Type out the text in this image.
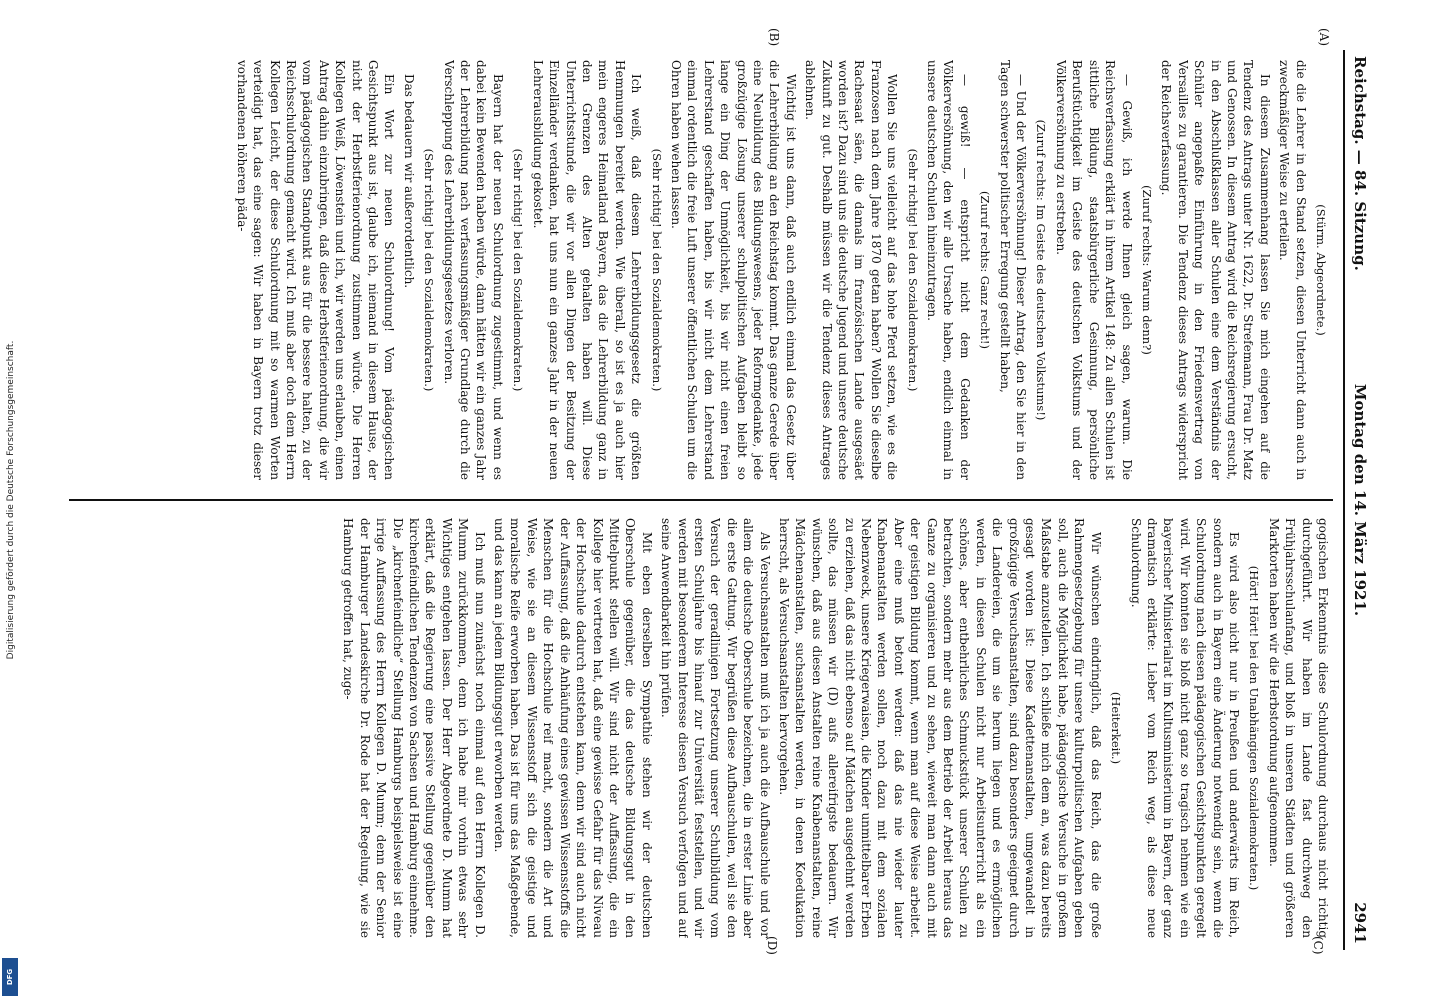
Digitalisierung gefördert durch die Deutsche Forschungsgemeinschaft.
DFG
Reichstag. — 84. Sitzung.
Montag den 14. März 1921.
2941
(A)
(B)
(C)
(D)

(Stürm. Abgeordnete.)

die die Lehrer in den Stand setzen, diesen Unterricht dann auch in zweckmäßiger Weise zu erteilen.

In diesem Zusammenhang lassen Sie mich eingehen auf die Tendenz des Antrags unter Nr. 1622, Dr. Strefemann, Frau Dr. Matz und Genossen. In diesem Antrag wird die Reichsregierung ersucht, in den Abschlußklassen aller Schulen eine dem Verständnis der Schüler angepaßte Einführung in den Friedensvertrag von Versailles zu garantieren. Die Tendenz dieses Antrags widerspricht der Reichsverfassung.

(Zuruf rechts: Warum denn?)

— Gewiß, ich werde Ihnen gleich sagen, warum. Die Reichsverfassung erklärt in ihrem Artikel 148: Zu allen Schulen ist sittliche Bildung, staatsbürgerliche Gesinnung, persönliche Berufstüchtigkeit im Geiste des deutschen Volkstums und der Völkerversöhnung zu erstreben.

(Zuruf rechts: Im Geiste des deutschen Volkstums!)

— Und der Völkerversöhnung! Dieser Antrag, den Sie hier in den Tagen schwerster politischer Erregung gestellt haben,

(Zuruf rechts: Ganz recht!)

— gewiß! — entspricht nicht dem Gedanken der Völkerversöhnung, den wir alle Ursache haben, endlich einmal in unsere deutschen Schulen hineinzutragen.

(Sehr richtig! bei den Sozialdemokraten.)

Wollen Sie uns vielleicht auf das hohe Pferd setzen, wie es die Franzosen nach dem Jahre 1870 getan haben? Wollen Sie dieselbe Rachesaat säen, die damals im französischen Lande ausgesäet worden ist? Dazu sind uns die deutsche Jugend und unsere deutsche Zukunft zu gut. Deshalb müssen wir die Tendenz dieses Antrages ablehnen.

Wichtig ist uns dann, daß auch endlich einmal das Gesetz über die Lehrerbildung an den Reichstag kommt. Das ganze Gerede über eine Neubildung des Bildungswesens, jeder Reformgedanke, jede großzügige Lösung unserer schulpolitischen Aufgaben bleibt so lange ein Ding der Unmöglichkeit, bis wir nicht einen freien Lehrerstand geschaffen haben, bis wir nicht dem Lehrerstand einmal ordentlich die freie Luft unserer öffentlichen Schulen um die Ohren haben wehen lassen.

(Sehr richtig! bei den Sozialdemokraten.)

Ich weiß, daß diesem Lehrerbildungsgesetz die größten Hemmungen bereitet werden. Wie überall, so ist es ja auch hier mein engeres Heimatland Bayern, das die Lehrerbildung ganz in den Grenzen des Alten gehalten haben will. Diese Unterrichtsstunde, die wir vor allen Dingen der Besitzung der Einzelländer verdanken, hat uns nun ein ganzes Jahr in der neuen Lehrerausbildung gekostet.

(Sehr richtig! bei den Sozialdemokraten.)

Bayern hat der neuen Schulordnung zugestimmt, und wenn es dabei kein Bewenden haben würde, dann hätten wir ein ganzes Jahr der Lehrerbildung nach verfassungsmäßiger Grundlage durch die Verschleppung des Lehrerbildungsgesetzes verloren.

(Sehr richtig! bei den Sozialdemokraten.)

Das bedauern wir außerordentlich.

Ein Wort zur neuen Schulordnung! Vom pädagogischen Gesichtspunkt aus ist, glaube ich, niemand in diesem Hause, der nicht der Herbstferienordnung zustimmen würde. Die Herren Kollegen Weiß, Löwenstein und ich, wir werden uns erlauben, einen Antrag dahin einzubringen, daß diese Herbstferienordnung, die wir vom pädagogischen Standpunkt aus für die bessere halten, zu der Reichsschulordnung gemacht wird. Ich muß aber doch dem Herrn Kollegen Leicht, der diese Schulordnung mit so warmen Worten verteidigt hat, das eine sagen: Wir haben in Bayern trotz dieser vorhandenen höheren päda-

gogischen Erkenntnis diese Schulordnung durchaus nicht richtig durchgeführt. Wir haben im Lande fast durchweg den Frühjahrsschulanfang, und bloß in unseren Städten und größeren Marktorten haben wir die Herbstordnung aufgenommen.

(Hört! Hört! bei den Unabhängigen Sozialdemokraten.)

Es wird also nicht nur in Preußen und anderwärts im Reich, sondern auch in Bayern eine Änderung notwendig sein, wenn die Schulordnung nach diesen pädagogischen Gesichtspunkten geregelt wird. Wir konnten sie bloß nicht ganz so tragisch nehmen wie ein bayerischer Ministerialrat im Kultusministerium in Bayern, der ganz dramatisch erklärte: Lieber vom Reich weg, als diese neue Schulordnung.

(Heiterkeit.)

Wir wünschen eindringlich, daß das Reich, das die große Rahmengesetzgebung für unsere kulturpolitischen Aufgaben geben soll, auch die Möglichkeit habe, pädagogische Versuche in großem Maßstabe anzustellen. Ich schließe mich dem an, was dazu bereits gesagt worden ist: Diese Kadettenanstalten, umgewandelt in großzügige Versuchsanstalten, sind dazu besonders geeignet durch die Landereien, die um sie herum liegen und es ermöglichen werden, in diesen Schulen nicht nur Arbeitsunterricht als ein schönes, aber entbehrliches Schmuckstück unserer Schulen zu betrachten, sondern mehr aus dem Betrieb der Arbeit heraus das Ganze zu organisieren und zu sehen, wieweit man dann auch mit der geistigen Bildung kommt, wenn man auf diese Weise arbeitet. Aber eine muß betont werden: daß das nie wieder lauter Knabenanstalten werden sollen, noch dazu mit dem sozialen Nebenzweck, unsere Kriegerwaisen, die Kinder unmittelbarer Erben zu erziehen, daß das nicht ebenso auf Mädchen ausgedehnt werden sollte, das müssen wir (D) aufs allereifrigste bedauern. Wir wünschen, daß aus diesen Anstalten reine Knabenanstalten, reine Mädchenanstalten, suchsanstalten werden, in denen Koedukation herrscht, als Versuchsanstalten hervorgehen.

Als Versuchsanstalten muß ich ja auch die Aufbauschule und vor allem die deutsche Oberschule bezeichnen, die in erster Linie aber die erste Gattung. Wir begrüßen diese Aufbauschulen, weil sie den Versuch der geradlinigen Fortsetzung unserer Schulbildung vom ersten Schuljahre bis hinauf zur Universität feststellen, und wir werden mit besonderem Interesse diesen Versuch verfolgen und auf seine Anwendbarkeit hin prüfen.

Mit eben derselben Sympathie stehen wir der deutschen Oberschule gegenüber, die das deutsche Bildungsgut in den Mittelpunkt stellen will. Wir sind nicht der Auffassung, die ein Kollege hier vertreten hat, daß eine gewisse Gefahr für das Niveau der Hochschule dadurch entstehen kann, denn wir sind auch nicht der Auffassung, daß die Anhäufung eines gewissen Wissensstoffs die Menschen für die Hochschule reif macht, sondern die Art und Weise, wie sie an diesem Wissensstoff sich die geistige und moralische Reife erworben haben. Das ist für uns das Maßgebende, und das kann an jedem Bildungsgut erworben werden.

Ich muß nun zunächst noch einmal auf den Herrn Kollegen D. Mumm zurückkommen, denn ich habe mir vorhin etwas sehr Wichtiges entgehen lassen. Der Herr Abgeordnete D. Mumm hat erklärt, daß die Regierung eine passive Stellung gegenüber den kirchenfeindlichen Tendenzen von Sachsen und Hamburg einnehme. Die „kirchenfeindliche“ Stellung Hamburgs beispielsweise ist eine irrige Auffassung des Herrn Kollegen D. Mumm; denn der Senior der Hamburger Landeskirche Dr. Rode hat der Regelung, wie sie Hamburg getroffen hat, zuge-
